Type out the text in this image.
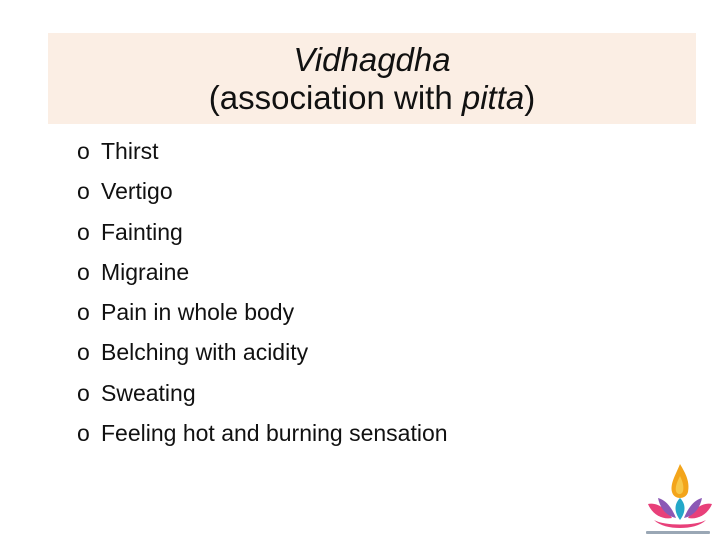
Vidhagdha
(association with pitta)
o Thirst
o Vertigo
o Fainting
o Migraine
o Pain in whole body
o Belching with acidity
o Sweating
o Feeling hot and burning sensation
